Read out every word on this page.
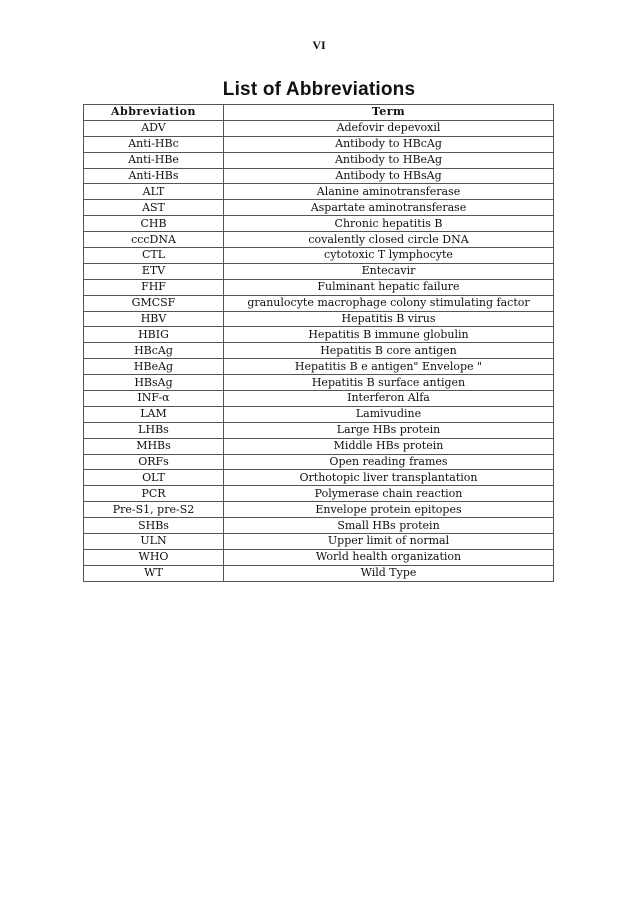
VI
List of Abbreviations
Abbreviation	Term
ADV	Adefovir depevoxil
Anti-HBc	Antibody to HBcAg
Anti-HBe	Antibody to HBeAg
Anti-HBs	Antibody to HBsAg
ALT	Alanine aminotransferase
AST	Aspartate aminotransferase
CHB	Chronic hepatitis B
cccDNA	covalently closed circle DNA
CTL	cytotoxic T lymphocyte
ETV	Entecavir
FHF	Fulminant hepatic failure
GMCSF	granulocyte macrophage colony stimulating factor
HBV	Hepatitis B virus
HBIG	Hepatitis B immune globulin
HBcAg	Hepatitis B core antigen
HBeAg	Hepatitis B e antigen" Envelope "
HBsAg	Hepatitis B surface antigen
INF-α	Interferon Alfa
LAM	Lamivudine
LHBs	Large HBs protein
MHBs	Middle HBs protein
ORFs	Open reading frames
OLT	Orthotopic liver transplantation
PCR	Polymerase chain reaction
Pre-S1, pre-S2	Envelope protein epitopes
SHBs	Small HBs protein
ULN	Upper limit of normal
WHO	World health organization
WT	Wild Type
